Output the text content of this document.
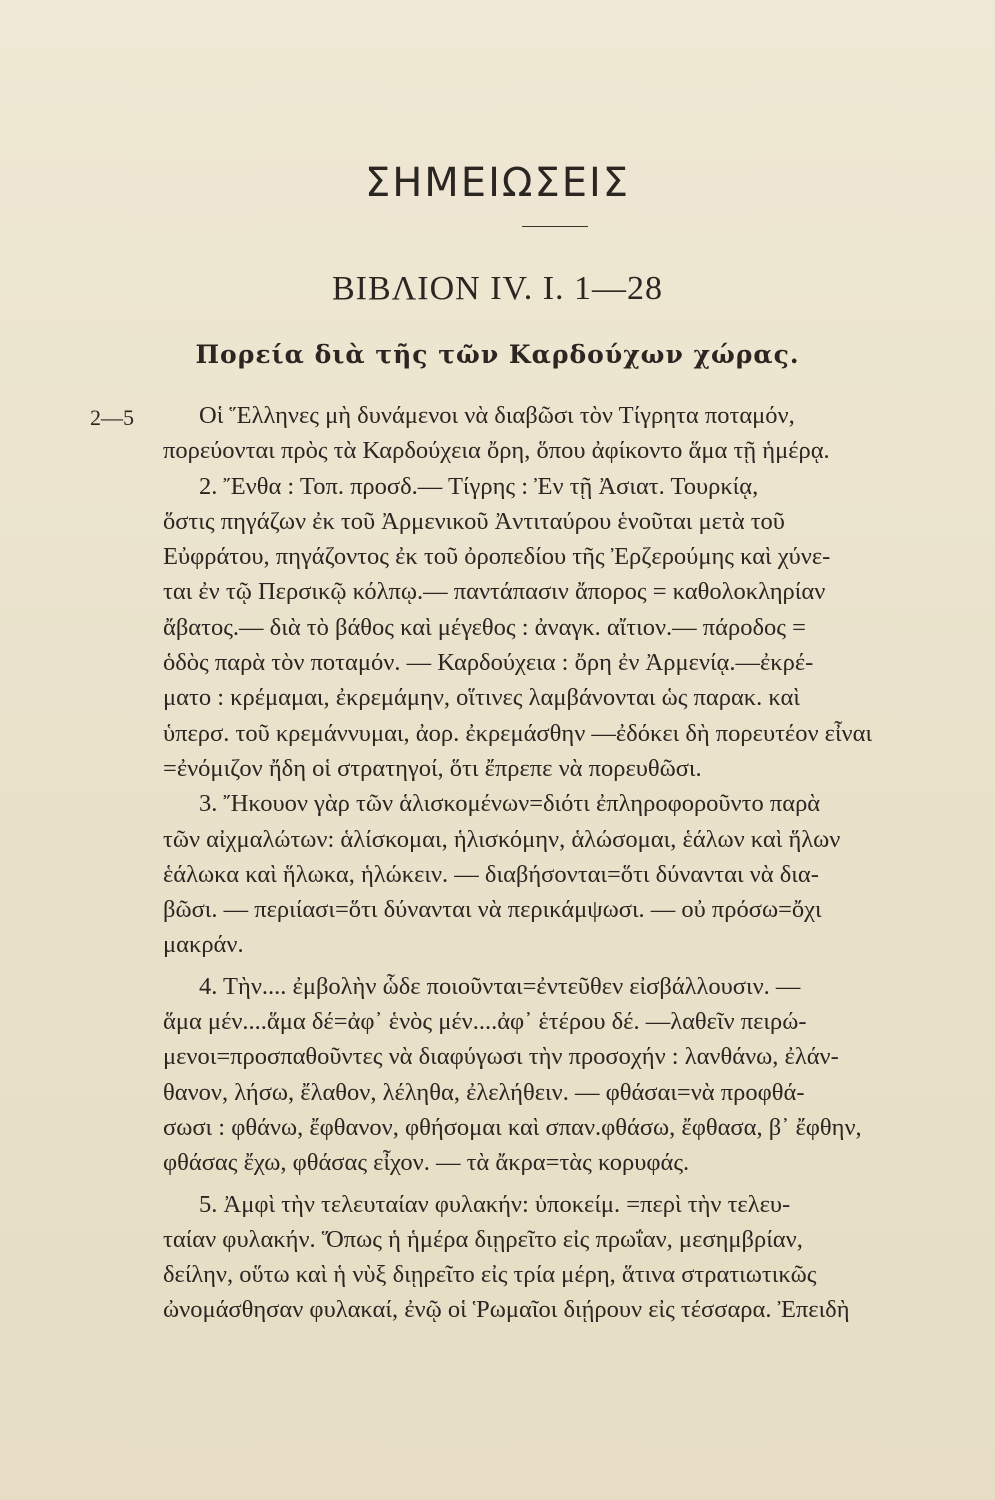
ΣΗΜΕΙΩΣΕΙΣ
ΒΙΒΛΙΟΝ IV. I. 1—28
Πορεία διὰ τῆς τῶν Καρδούχων χώρας.
2—5	Οἱ Ἕλληνες μὴ δυνάμενοι νὰ διαβῶσι τὸν Τίγρητα ποταμόν,
πορεύονται πρὸς τὰ Καρδούχεια ὄρη, ὅπου ἀφίκοντο ἅμα τῇ ἡμέρᾳ.
2. Ἔνθα : Τοπ. προσδ.— Τίγρης : Ἐν τῇ Ἀσιατ. Τουρκίᾳ,
ὅστις πηγάζων ἐκ τοῦ Ἀρμενικοῦ Ἀντιταύρου ἑνοῦται μετὰ τοῦ
Εὐφράτου, πηγάζοντος ἐκ τοῦ ὀροπεδίου τῆς Ἐρζερούμης καὶ χύνε-
ται ἐν τῷ Περσικῷ κόλπῳ.— παντάπασιν ἄπορος = καθολοκληρίαν
ἄβατος.— διὰ τὸ βάθος καὶ μέγεθος : ἀναγκ. αἴτιον.— πάροδος =
ὁδὸς παρὰ τὸν ποταμόν. — Καρδούχεια : ὄρη ἐν Ἀρμενίᾳ.—ἐκρέ-
ματο : κρέμαμαι, ἐκρεμάμην, οἵτινες λαμβάνονται ὡς παρακ. καὶ
ὑπερσ. τοῦ κρεμάννυμαι, ἀορ. ἐκρεμάσθην —ἐδόκει δὴ πορευτέον εἶναι
=ἐνόμιζον ἤδη οἱ στρατηγοί, ὅτι ἔπρεπε νὰ πορευθῶσι.
3. Ἤκουον γὰρ τῶν ἁλισκομένων=διότι ἐπληροφοροῦντο παρὰ
τῶν αἰχμαλώτων: ἁλίσκομαι, ἡλισκόμην, ἁλώσομαι, ἑάλων καὶ ἥλων
ἑάλωκα καὶ ἥλωκα, ἡλώκειν. — διαβήσονται=ὅτι δύνανται νὰ δια-
βῶσι. — περιίασι=ὅτι δύνανται νὰ περικάμψωσι. — οὐ πρόσω=ὄχι
μακράν.
4. Τὴν.... ἐμβολὴν ὧδε ποιοῦνται=ἐντεῦθεν εἰσβάλλουσιν. —
ἅμα μέν....ἅμα δέ=ἀφ᾽ ἑνὸς μέν....ἀφ᾽ ἑτέρου δέ. —λαθεῖν πειρώ-
μενοι=προσπαθοῦντες νὰ διαφύγωσι τὴν προσοχήν : λανθάνω, ἐλάν-
θανον, λήσω, ἔλαθον, λέληθα, ἐλελήθειν. — φθάσαι=νὰ προφθά-
σωσι : φθάνω, ἔφθανον, φθήσομαι καὶ σπαν.φθάσω, ἔφθασα, β᾽ ἔφθην,
φθάσας ἔχω, φθάσας εἶχον. — τὰ ἄκρα=τὰς κορυφάς.
5. Ἀμφὶ τὴν τελευταίαν φυλακήν: ὑποκείμ. =περὶ τὴν τελευ-
ταίαν φυλακήν. Ὅπως ἡ ἡμέρα διῃρεῖτο εἰς πρωΐαν, μεσημβρίαν,
δείλην, οὕτω καὶ ἡ νὺξ διῃρεῖτο εἰς τρία μέρη, ἅτινα στρατιωτικῶς
ὠνομάσθησαν φυλακαί, ἐνῷ οἱ Ῥωμαῖοι διῄρουν εἰς τέσσαρα. Ἐπειδὴ
